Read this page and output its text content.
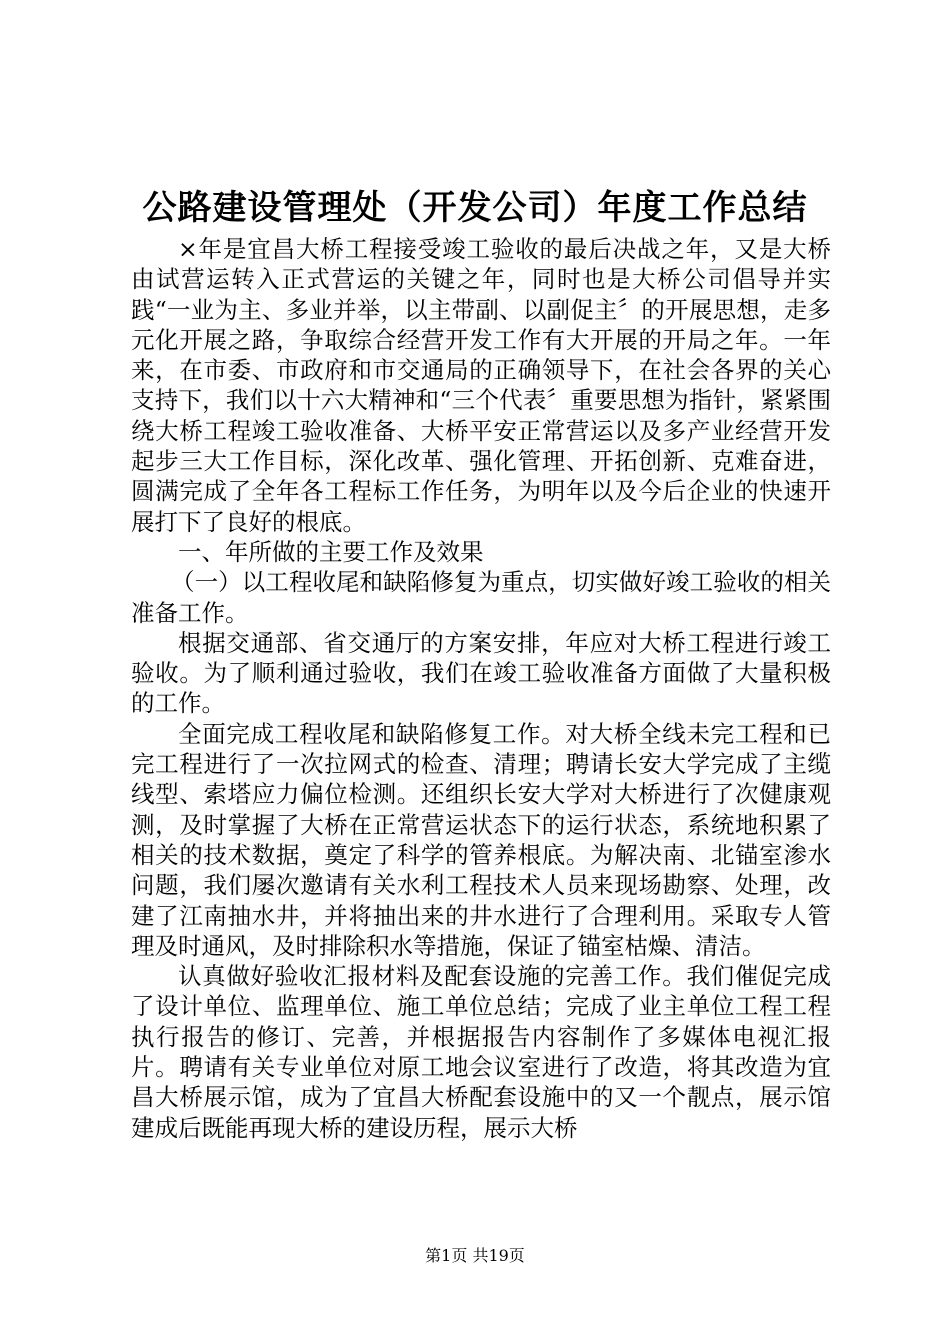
公路建设管理处（开发公司）年度工作总结

×年是宜昌大桥工程接受竣工验收的最后决战之年，又是大桥由试营运转入正式营运的关键之年，同时也是大桥公司倡导并实践“一业为主、多业并举，以主带副、以副促主〞的开展思想，走多元化开展之路，争取综合经营开发工作有大开展的开局之年。一年来，在市委、市政府和市交通局的正确领导下，在社会各界的关心支持下，我们以十六大精神和“三个代表〞重要思想为指针，紧紧围绕大桥工程竣工验收准备、大桥平安正常营运以及多产业经营开发起步三大工作目标，深化改革、强化管理、开拓创新、克难奋进，圆满完成了全年各工程标工作任务，为明年以及今后企业的快速开展打下了良好的根底。

一、年所做的主要工作及效果

（一）以工程收尾和缺陷修复为重点，切实做好竣工验收的相关准备工作。

根据交通部、省交通厅的方案安排，年应对大桥工程进行竣工验收。为了顺利通过验收，我们在竣工验收准备方面做了大量积极的工作。

全面完成工程收尾和缺陷修复工作。对大桥全线未完工程和已完工程进行了一次拉网式的检查、清理；聘请长安大学完成了主缆线型、索塔应力偏位检测。还组织长安大学对大桥进行了次健康观测，及时掌握了大桥在正常营运状态下的运行状态，系统地积累了相关的技术数据，奠定了科学的管养根底。为解决南、北锚室渗水问题，我们屡次邀请有关水利工程技术人员来现场勘察、处理，改建了江南抽水井，并将抽出来的井水进行了合理利用。采取专人管理及时通风，及时排除积水等措施，保证了锚室枯燥、清洁。

认真做好验收汇报材料及配套设施的完善工作。我们催促完成了设计单位、监理单位、施工单位总结；完成了业主单位工程工程执行报告的修订、完善，并根据报告内容制作了多媒体电视汇报片。聘请有关专业单位对原工地会议室进行了改造，将其改造为宜昌大桥展示馆，成为了宜昌大桥配套设施中的又一个靓点，展示馆建成后既能再现大桥的建设历程，展示大桥

第1页 共19页
